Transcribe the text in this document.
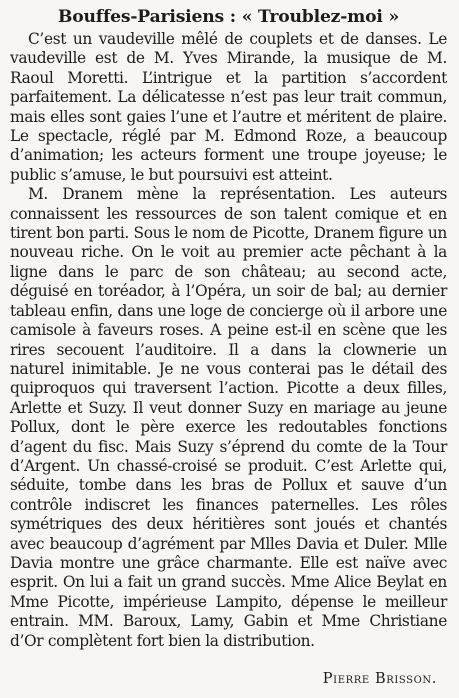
Bouffes-Parisiens : « Troublez-moi »

C’est un vaudeville mêlé de couplets et de danses. Le vaudeville est de M. Yves Mirande, la musique de M. Raoul Moretti. L’intrigue et la partition s’accordent parfaitement. La délicatesse n’est pas leur trait commun, mais elles sont gaies l’une et l’autre et méritent de plaire. Le spectacle, réglé par M. Edmond Roze, a beaucoup d’animation; les acteurs forment une troupe joyeuse; le public s’amuse, le but poursuivi est atteint.

M. Dranem mène la représentation. Les auteurs connaissent les ressources de son talent comique et en tirent bon parti. Sous le nom de Picotte, Dranem figure un nouveau riche. On le voit au premier acte pêchant à la ligne dans le parc de son château; au second acte, déguisé en toréador, à l’Opéra, un soir de bal; au dernier tableau enfin, dans une loge de concierge où il arbore une camisole à faveurs roses. A peine est-il en scène que les rires secouent l’auditoire. Il a dans la clownerie un naturel inimitable. Je ne vous conterai pas le détail des quiproquos qui traversent l’action. Picotte a deux filles, Arlette et Suzy. Il veut donner Suzy en mariage au jeune Pollux, dont le père exerce les redoutables fonctions d’agent du fisc. Mais Suzy s’éprend du comte de la Tour d’Argent. Un chassé-croisé se produit. C’est Arlette qui, séduite, tombe dans les bras de Pollux et sauve d’un contrôle indiscret les finances paternelles. Les rôles symétriques des deux héritières sont joués et chantés avec beaucoup d’agrément par Mlles Davia et Duler. Mlle Davia montre une grâce charmante. Elle est naïve avec esprit. On lui a fait un grand succès. Mme Alice Beylat en Mme Picotte, impérieuse Lampito, dépense le meilleur entrain. MM. Baroux, Lamy, Gabin et Mme Christiane d’Or complètent fort bien la distribution.

Pierre Brisson.
